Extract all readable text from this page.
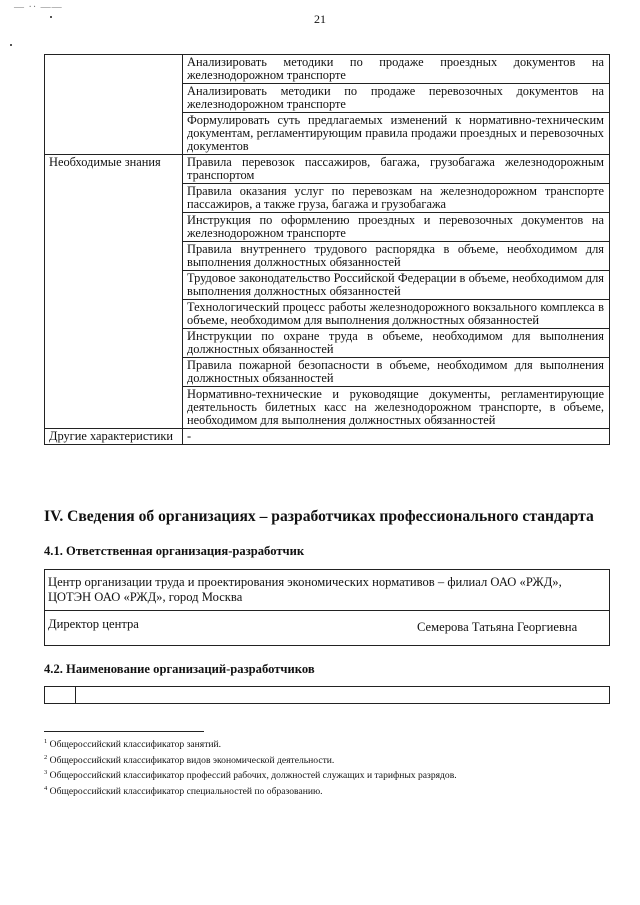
— ·· ——
21
	Анализировать методики по продаже проездных документов на железнодорожном транспорте
	Анализировать методики по продаже перевозочных документов на железнодорожном транспорте
	Формулировать суть предлагаемых изменений к нормативно-техническим документам, регламентирующим правила продажи проездных и перевозочных документов
Необходимые знания	Правила перевозок пассажиров, багажа, грузобагажа железнодорожным транспортом
	Правила оказания услуг по перевозкам на железнодорожном транспорте пассажиров, а также груза, багажа и грузобагажа
	Инструкция по оформлению проездных и перевозочных документов на железнодорожном транспорте
	Правила внутреннего трудового распорядка в объеме, необходимом для выполнения должностных обязанностей
	Трудовое законодательство Российской Федерации в объеме, необходимом для выполнения должностных обязанностей
	Технологический процесс работы железнодорожного вокзального комплекса в объеме, необходимом для выполнения должностных обязанностей
	Инструкции по охране труда в объеме, необходимом для выполнения должностных обязанностей
	Правила пожарной безопасности в объеме, необходимом для выполнения должностных обязанностей
	Нормативно-технические и руководящие документы, регламентирующие деятельность билетных касс на железнодорожном транспорте, в объеме, необходимом для выполнения должностных обязанностей
Другие характеристики	-
IV. Сведения об организациях – разработчиках профессионального стандарта
4.1. Ответственная организация-разработчик
Центр организации труда и проектирования экономических нормативов – филиал ОАО «РЖД», ЦОТЭН ОАО «РЖД», город Москва
Директор центра	Семерова Татьяна Георгиевна
4.2. Наименование организаций-разработчиков
$^1$ Общероссийский классификатор занятий.
$^2$ Общероссийский классификатор видов экономической деятельности.
$^3$ Общероссийский классификатор профессий рабочих, должностей служащих и тарифных разрядов.
$^4$ Общероссийский классификатор специальностей по образованию.
